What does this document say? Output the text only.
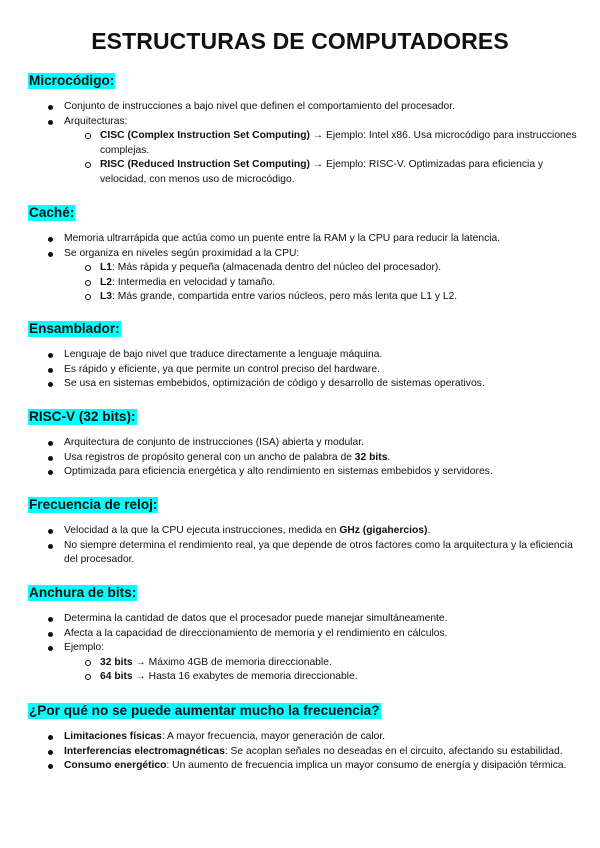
ESTRUCTURAS DE COMPUTADORES
Microcódigo:
Conjunto de instrucciones a bajo nivel que definen el comportamiento del procesador.
Arquitecturas:
CISC (Complex Instruction Set Computing) → Ejemplo: Intel x86. Usa microcódigo para instrucciones complejas.
RISC (Reduced Instruction Set Computing) → Ejemplo: RISC-V. Optimizadas para eficiencia y velocidad, con menos uso de microcódigo.
Caché:
Memoria ultrarrápida que actúa como un puente entre la RAM y la CPU para reducir la latencia.
Se organiza en niveles según proximidad a la CPU:
L1: Más rápida y pequeña (almacenada dentro del núcleo del procesador).
L2: Intermedia en velocidad y tamaño.
L3: Más grande, compartida entre varios núcleos, pero más lenta que L1 y L2.
Ensamblador:
Lenguaje de bajo nivel que traduce directamente a lenguaje máquina.
Es rápido y eficiente, ya que permite un control preciso del hardware.
Se usa en sistemas embebidos, optimización de código y desarrollo de sistemas operativos.
RISC-V (32 bits):
Arquitectura de conjunto de instrucciones (ISA) abierta y modular.
Usa registros de propósito general con un ancho de palabra de 32 bits.
Optimizada para eficiencia energética y alto rendimiento en sistemas embebidos y servidores.
Frecuencia de reloj:
Velocidad a la que la CPU ejecuta instrucciones, medida en GHz (gigahercios).
No siempre determina el rendimiento real, ya que depende de otros factores como la arquitectura y la eficiencia del procesador.
Anchura de bits:
Determina la cantidad de datos que el procesador puede manejar simultáneamente.
Afecta a la capacidad de direccionamiento de memoria y el rendimiento en cálculos.
Ejemplo:
32 bits → Máximo 4GB de memoria direccionable.
64 bits → Hasta 16 exabytes de memoria direccionable.
¿Por qué no se puede aumentar mucho la frecuencia?
Limitaciones físicas: A mayor frecuencia, mayor generación de calor.
Interferencias electromagnéticas: Se acoplan señales no deseadas en el circuito, afectando su estabilidad.
Consumo energético: Un aumento de frecuencia implica un mayor consumo de energía y disipación térmica.
